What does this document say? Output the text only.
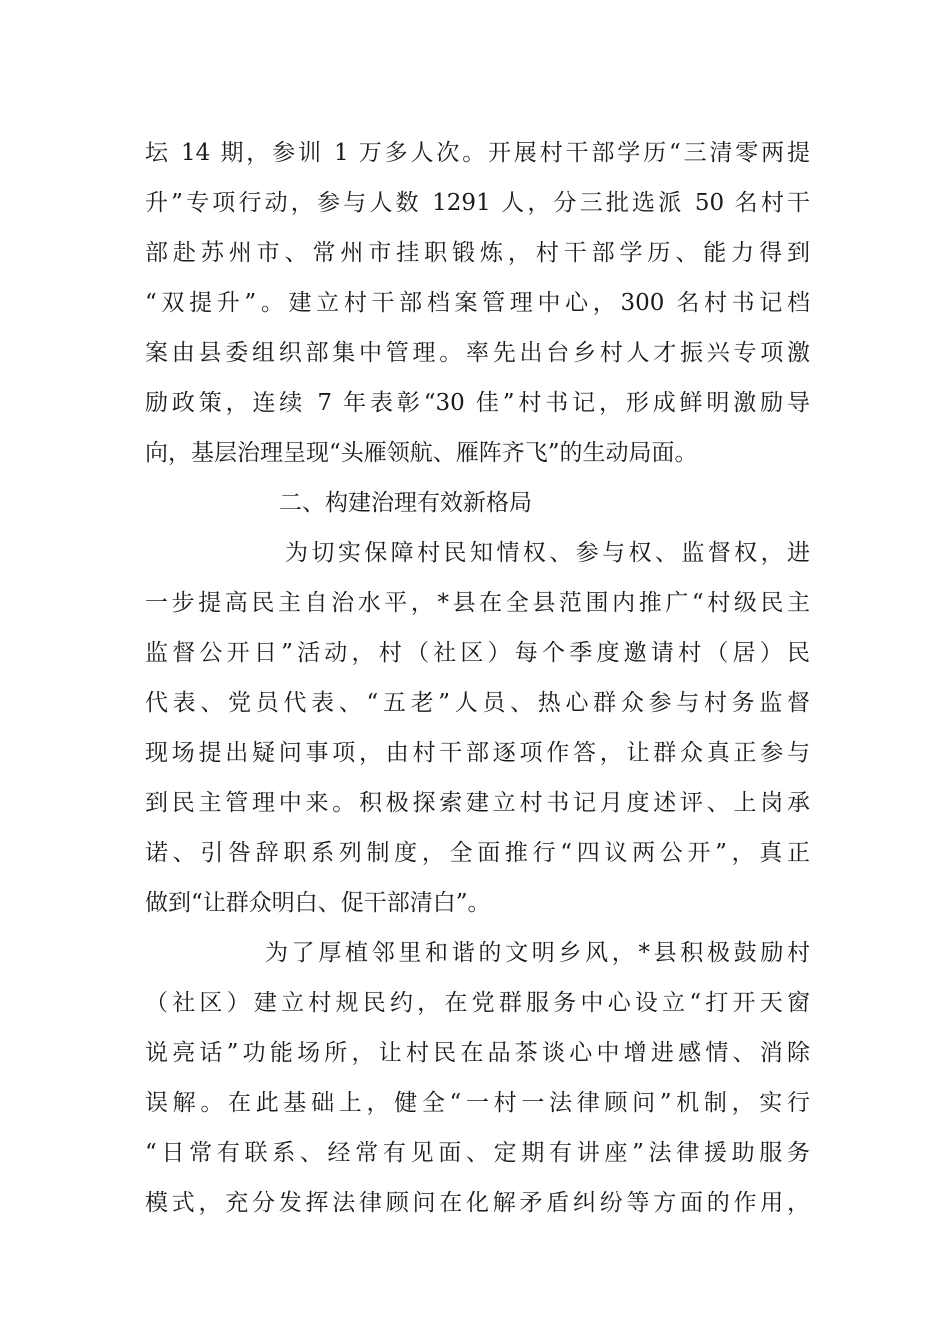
坛 14 期，参训 1 万多人次。开展村干部学历“三清零两提
升”专项行动，参与人数 1291 人，分三批选派 50 名村干
部赴苏州市、常州市挂职锻炼，村干部学历、能力得到
“双提升”。建立村干部档案管理中心，300 名村书记档
案由县委组织部集中管理。率先出台乡村人才振兴专项激
励政策，连续 7 年表彰“30 佳”村书记，形成鲜明激励导
向，基层治理呈现“头雁领航、雁阵齐飞”的生动局面。
二、构建治理有效新格局
为切实保障村民知情权、参与权、监督权，进
一步提高民主自治水平，*县在全县范围内推广“村级民主
监督公开日”活动，村（社区）每个季度邀请村（居）民
代表、党员代表、“五老”人员、热心群众参与村务监督
现场提出疑问事项，由村干部逐项作答，让群众真正参与
到民主管理中来。积极探索建立村书记月度述评、上岗承
诺、引咎辞职系列制度，全面推行“四议两公开”，真正
做到“让群众明白、促干部清白”。
为了厚植邻里和谐的文明乡风，*县积极鼓励村
（社区）建立村规民约，在党群服务中心设立“打开天窗
说亮话”功能场所，让村民在品茶谈心中增进感情、消除
误解。在此基础上，健全“一村一法律顾问”机制，实行
“日常有联系、经常有见面、定期有讲座”法律援助服务
模式，充分发挥法律顾问在化解矛盾纠纷等方面的作用，
